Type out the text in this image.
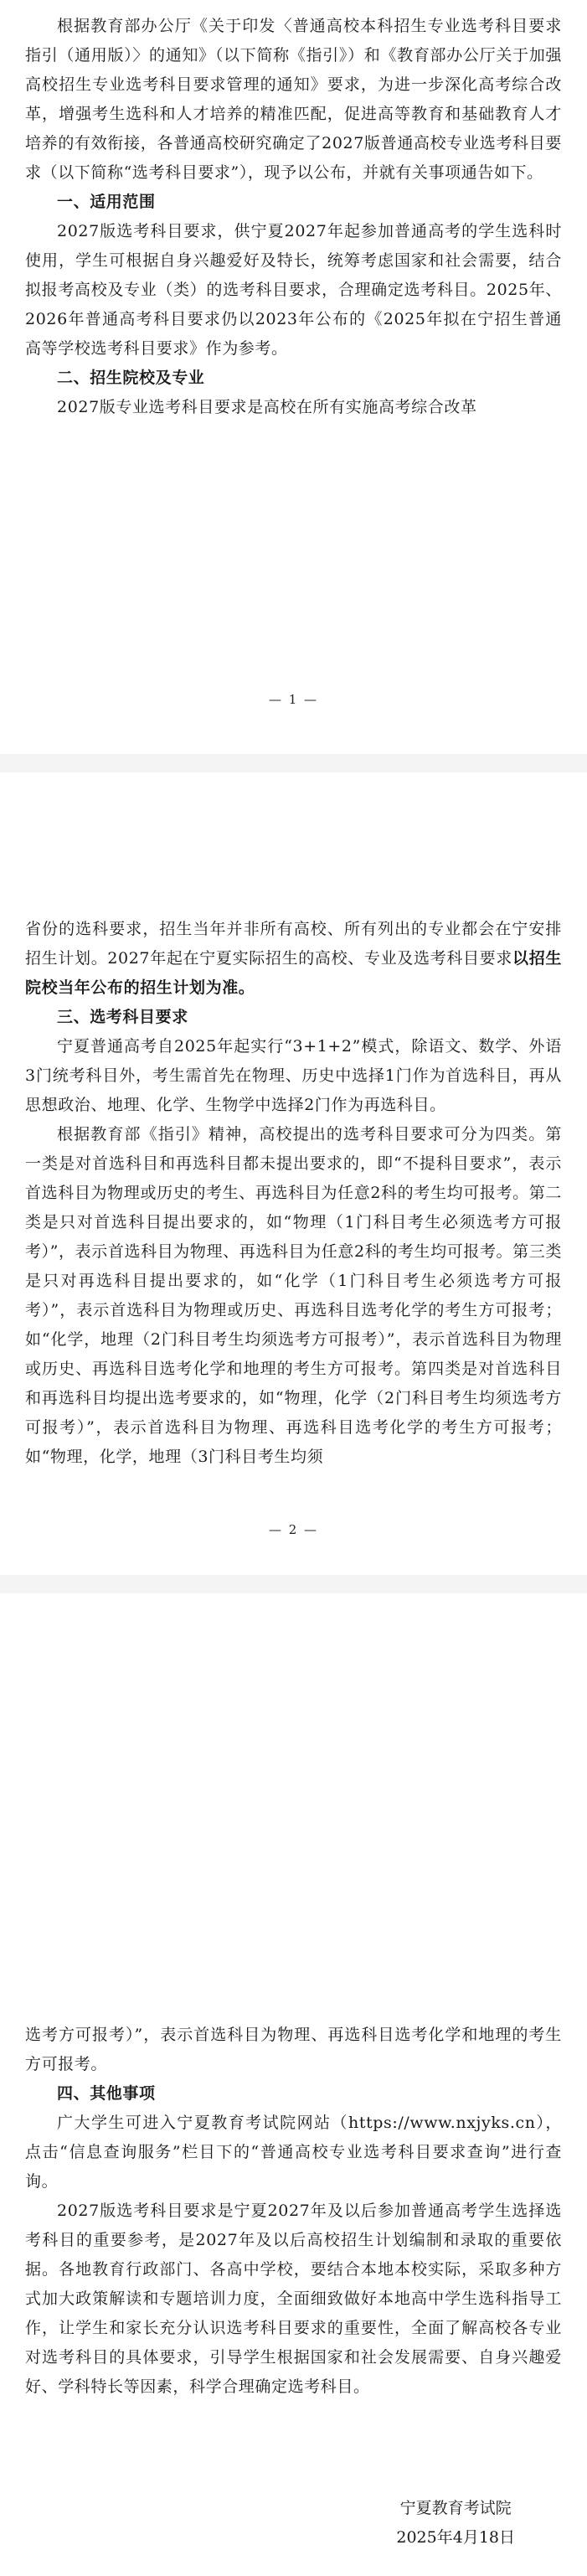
根据教育部办公厅《关于印发〈普通高校本科招生专业选考科目要求指引（通用版）〉的通知》（以下简称《指引》）和《教育部办公厅关于加强高校招生专业选考科目要求管理的通知》要求，为进一步深化高考综合改革，增强考生选科和人才培养的精准匹配，促进高等教育和基础教育人才培养的有效衔接，各普通高校研究确定了2027版普通高校专业选考科目要求（以下简称“选考科目要求”），现予以公布，并就有关事项通告如下。

一、适用范围

2027版选考科目要求，供宁夏2027年起参加普通高考的学生选科时使用，学生可根据自身兴趣爱好及特长，统筹考虑国家和社会需要，结合拟报考高校及专业（类）的选考科目要求，合理确定选考科目。2025年、2026年普通高考科目要求仍以2023年公布的《2025年拟在宁招生普通高等学校选考科目要求》作为参考。

二、招生院校及专业

2027版专业选考科目要求是高校在所有实施高考综合改革

— 1 —

省份的选科要求，招生当年并非所有高校、所有列出的专业都会在宁安排招生计划。2027年起在宁夏实际招生的高校、专业及选考科目要求以招生院校当年公布的招生计划为准。

三、选考科目要求

宁夏普通高考自2025年起实行“3+1+2”模式，除语文、数学、外语3门统考科目外，考生需首先在物理、历史中选择1门作为首选科目，再从思想政治、地理、化学、生物学中选择2门作为再选科目。

根据教育部《指引》精神，高校提出的选考科目要求可分为四类。第一类是对首选科目和再选科目都未提出要求的，即“不提科目要求”，表示首选科目为物理或历史的考生、再选科目为任意2科的考生均可报考。第二类是只对首选科目提出要求的，如“物理（1门科目考生必须选考方可报考）”，表示首选科目为物理、再选科目为任意2科的考生均可报考。第三类是只对再选科目提出要求的，如“化学（1门科目考生必须选考方可报考）”，表示首选科目为物理或历史、再选科目选考化学的考生方可报考；如“化学，地理（2门科目考生均须选考方可报考）”，表示首选科目为物理或历史、再选科目选考化学和地理的考生方可报考。第四类是对首选科目和再选科目均提出选考要求的，如“物理，化学（2门科目考生均须选考方可报考）”，表示首选科目为物理、再选科目选考化学的考生方可报考；如“物理，化学，地理（3门科目考生均须

— 2 —

选考方可报考）”，表示首选科目为物理、再选科目选考化学和地理的考生方可报考。

四、其他事项

广大学生可进入宁夏教育考试院网站（https://www.nxjyks.cn），点击“信息查询服务”栏目下的“普通高校专业选考科目要求查询”进行查询。

2027版选考科目要求是宁夏2027年及以后参加普通高考学生选择选考科目的重要参考，是2027年及以后高校招生计划编制和录取的重要依据。各地教育行政部门、各高中学校，要结合本地本校实际，采取多种方式加大政策解读和专题培训力度，全面细致做好本地高中学生选科指导工作，让学生和家长充分认识选考科目要求的重要性，全面了解高校各专业对选考科目的具体要求，引导学生根据国家和社会发展需要、自身兴趣爱好、学科特长等因素，科学合理确定选考科目。

宁夏教育考试院
2025年4月18日
